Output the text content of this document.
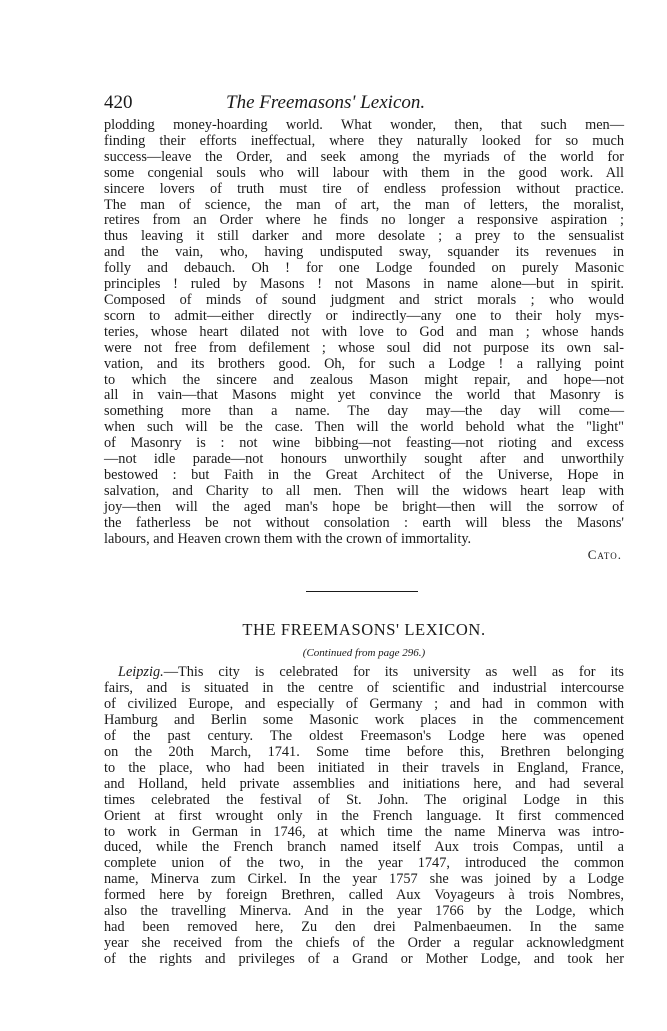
420	The Freemasons' Lexicon.
plodding money-hoarding world. What wonder, then, that such men—
finding their efforts ineffectual, where they naturally looked for so much
success—leave the Order, and seek among the myriads of the world for
some congenial souls who will labour with them in the good work. All
sincere lovers of truth must tire of endless profession without practice.
The man of science, the man of art, the man of letters, the moralist,
retires from an Order where he finds no longer a responsive aspiration ;
thus leaving it still darker and more desolate ; a prey to the sensualist
and the vain, who, having undisputed sway, squander its revenues in
folly and debauch. Oh ! for one Lodge founded on purely Masonic
principles ! ruled by Masons ! not Masons in name alone—but in spirit.
Composed of minds of sound judgment and strict morals ; who would
scorn to admit—either directly or indirectly—any one to their holy mys-
teries, whose heart dilated not with love to God and man ; whose hands
were not free from defilement ; whose soul did not purpose its own sal-
vation, and its brothers good. Oh, for such a Lodge ! a rallying point
to which the sincere and zealous Mason might repair, and hope—not
all in vain—that Masons might yet convince the world that Masonry is
something more than a name. The day may—the day will come—
when such will be the case. Then will the world behold what the "light"
of Masonry is : not wine bibbing—not feasting—not rioting and excess
—not idle parade—not honours unworthily sought after and unworthily
bestowed : but Faith in the Great Architect of the Universe, Hope in
salvation, and Charity to all men. Then will the widows heart leap with
joy—then will the aged man's hope be bright—then will the sorrow of
the fatherless be not without consolation : earth will bless the Masons'
labours, and Heaven crown them with the crown of immortality.
Cato.
THE FREEMASONS' LEXICON.
(Continued from page 296.)
Leipzig.—This city is celebrated for its university as well as for its
fairs, and is situated in the centre of scientific and industrial intercourse
of civilized Europe, and especially of Germany ; and had in common with
Hamburg and Berlin some Masonic work places in the commencement
of the past century. The oldest Freemason's Lodge here was opened
on the 20th March, 1741. Some time before this, Brethren belonging
to the place, who had been initiated in their travels in England, France,
and Holland, held private assemblies and initiations here, and had several
times celebrated the festival of St. John. The original Lodge in this
Orient at first wrought only in the French language. It first commenced
to work in German in 1746, at which time the name Minerva was intro-
duced, while the French branch named itself Aux trois Compas, until a
complete union of the two, in the year 1747, introduced the common
name, Minerva zum Cirkel. In the year 1757 she was joined by a Lodge
formed here by foreign Brethren, called Aux Voyageurs à trois Nombres,
also the travelling Minerva. And in the year 1766 by the Lodge, which
had been removed here, Zu den drei Palmenbaeumen. In the same
year she received from the chiefs of the Order a regular acknowledgment
of the rights and privileges of a Grand or Mother Lodge, and took her
